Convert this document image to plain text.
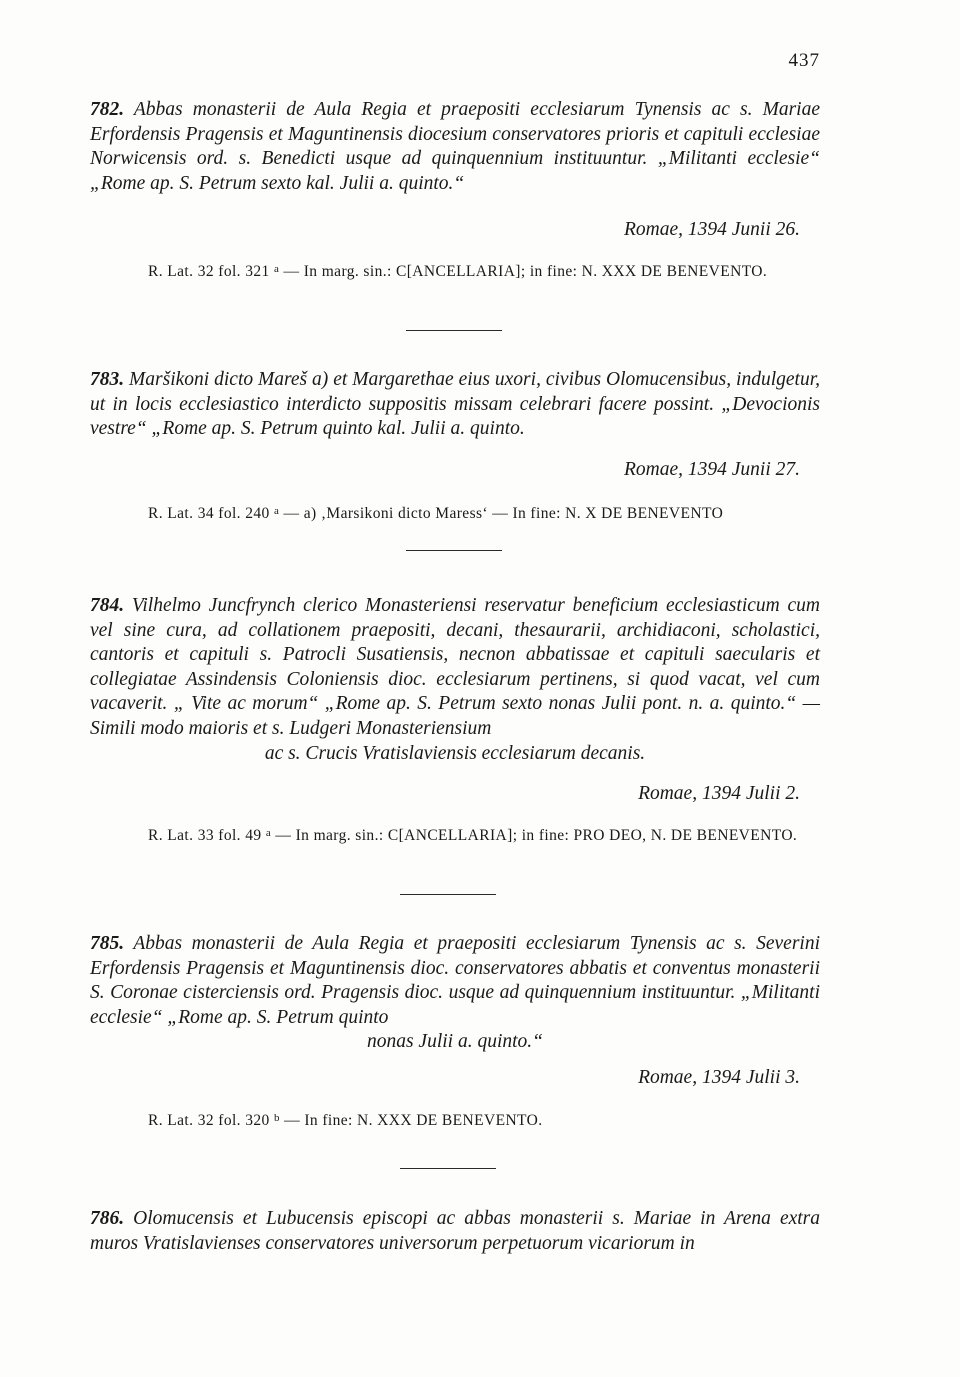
437
782. Abbas monasterii de Aula Regia et praepositi ecclesiarum Tynensis ac s. Mariae Erfordensis Pragensis et Maguntinensis diocesium conservatores prioris et capituli ecclesiae Norwicensis ord. s. Benedicti usque ad quinquennium instituuntur. „Militanti ecclesie“ „Rome ap. S. Petrum sexto kal. Julii a. quinto.“
Romae, 1394 Junii 26.
R. Lat. 32 fol. 321 $^a$ — In marg. sin.: C[ANCELLARIA]; in fine: N. XXX DE BENEVENTO.
783. Maršikoni dicto Mareš a) et Margarethae eius uxori, civibus Olomucensibus, indulgetur, ut in locis ecclesiastico interdicto suppositis missam celebrari facere possint. „Devocionis vestre“ „Rome ap. S. Petrum quinto kal. Julii a. quinto.
Romae, 1394 Junii 27.
R. Lat. 34 fol. 240 $^a$ — a) ‚Marsikoni dicto Maress‘ — In fine: N. X DE BENEVENTO
784. Vilhelmo Juncfrynch clerico Monasteriensi reservatur beneficium ecclesiasticum cum vel sine cura, ad collationem praepositi, decani, thesaurarii, archidiaconi, scholastici, cantoris et capituli s. Patrocli Susatiensis, necnon abbatissae et capituli saecularis et collegiatae Assindensis Coloniensis dioc. ecclesiarum pertinens, si quod vacat, vel cum vacaverit. „ Vite ac morum“ „Rome ap. S. Petrum sexto nonas Julii pont. n. a. quinto.“ — Simili modo maioris et s. Ludgeri Monasteriensium
ac s. Crucis Vratislaviensis ecclesiarum decanis.
Romae, 1394 Julii 2.
R. Lat. 33 fol. 49 $^a$ — In marg. sin.: C[ANCELLARIA]; in fine: PRO DEO, N. DE BENEVENTO.
785. Abbas monasterii de Aula Regia et praepositi ecclesiarum Tynensis ac s. Severini Erfordensis Pragensis et Maguntinensis dioc. conservatores abbatis et conventus monasterii S. Coronae cisterciensis ord. Pragensis dioc. usque ad quinquennium instituuntur. „Militanti ecclesie“ „Rome ap. S. Petrum quinto
nonas Julii a. quinto.“
Romae, 1394 Julii 3.
R. Lat. 32 fol. 320 $^b$ — In fine: N. XXX DE BENEVENTO.
786. Olomucensis et Lubucensis episcopi ac abbas monasterii s. Mariae in Arena extra muros Vratislavienses conservatores universorum perpetuorum vicariorum in
